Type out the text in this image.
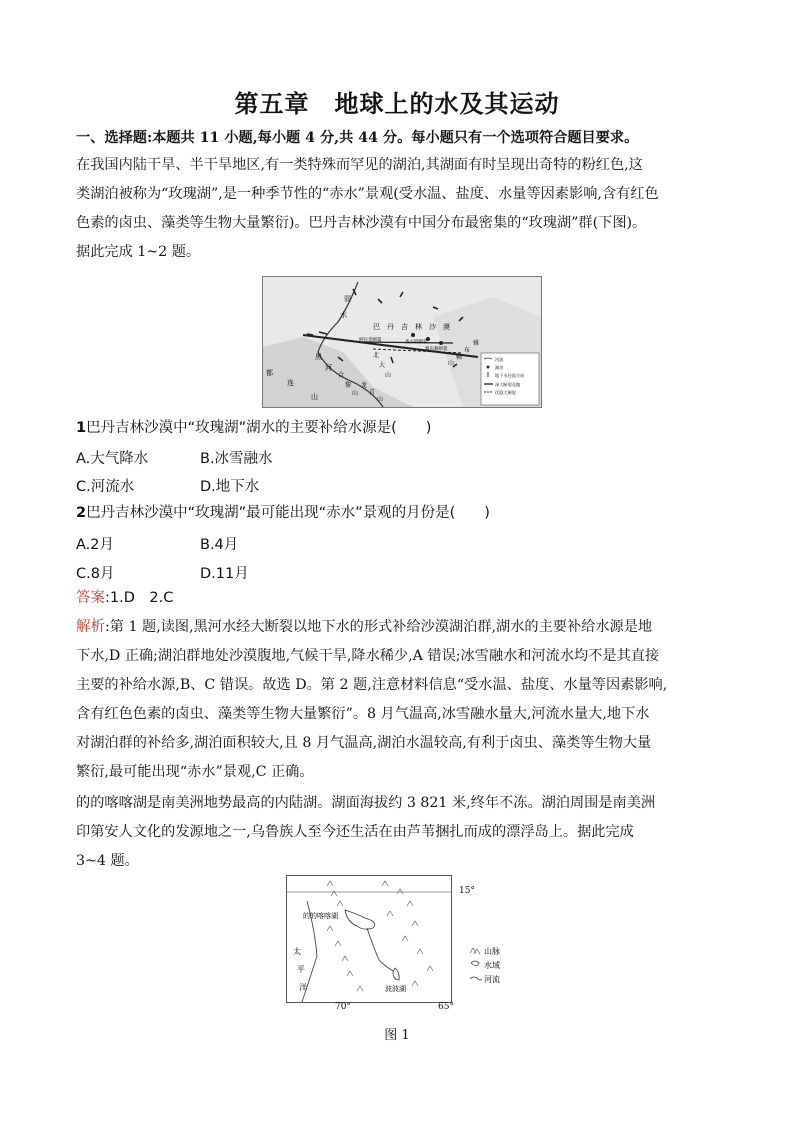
第五章　地球上的水及其运动
一、选择题:本题共 11 小题,每小题 4 分,共 44 分。每小题只有一个选项符合题目要求。
在我国内陆干旱、半干旱地区,有一类特殊而罕见的湖泊,其湖面有时呈现出奇特的粉红色,这
类湖泊被称为“玫瑰湖”,是一种季节性的“赤水”景观(受水温、盐度、水量等因素影响,含有红色
色素的卤虫、藻类等生物大量繁衍)。巴丹吉林沙漠有中国分布最密集的“玫瑰湖”群(下图)。
据此完成 1~2 题。
弱
水
黑
河
巴 丹 吉 林 沙 漠
阿拉善断裂	查古特断裂
雅布赖断裂
北
大
山
龙
首
山
雅
布
赖
山
合
黎
山
都
连
山
河流
湖泊
地下水径流方向
深大断裂及编
伏隐大断裂
1巴丹吉林沙漠中“玫瑰湖”湖水的主要补给水源是(　　)
A.大气降水	B.冰雪融水
C.河流水	D.地下水
2巴丹吉林沙漠中“玫瑰湖”最可能出现“赤水”景观的月份是(　　)
A.2月	B.4月
C.8月	D.11月
答案:1.D　2.C
解析:第 1 题,读图,黑河水经大断裂以地下水的形式补给沙漠湖泊群,湖水的主要补给水源是地
下水,D 正确;湖泊群地处沙漠腹地,气候干旱,降水稀少,A 错误;冰雪融水和河流水均不是其直接
主要的补给水源,B、C 错误。故选 D。第 2 题,注意材料信息“受水温、盐度、水量等因素影响,
含有红色色素的卤虫、藻类等生物大量繁衍”。8 月气温高,冰雪融水量大,河流水量大,地下水
对湖泊群的补给多,湖泊面积较大,且 8 月气温高,湖泊水温较高,有利于卤虫、藻类等生物大量
繁衍,最可能出现“赤水”景观,C 正确。
的的喀喀湖是南美洲地势最高的内陆湖。湖面海拔约 3 821 米,终年不冻。湖泊周围是南美洲
印第安人文化的发源地之一,乌鲁族人至今还生活在由芦苇捆扎而成的漂浮岛上。据此完成
3~4 题。
的的喀喀湖
波波湖
太
平
洋
15°
70°	65°
山脉
水域
河流
图 1
